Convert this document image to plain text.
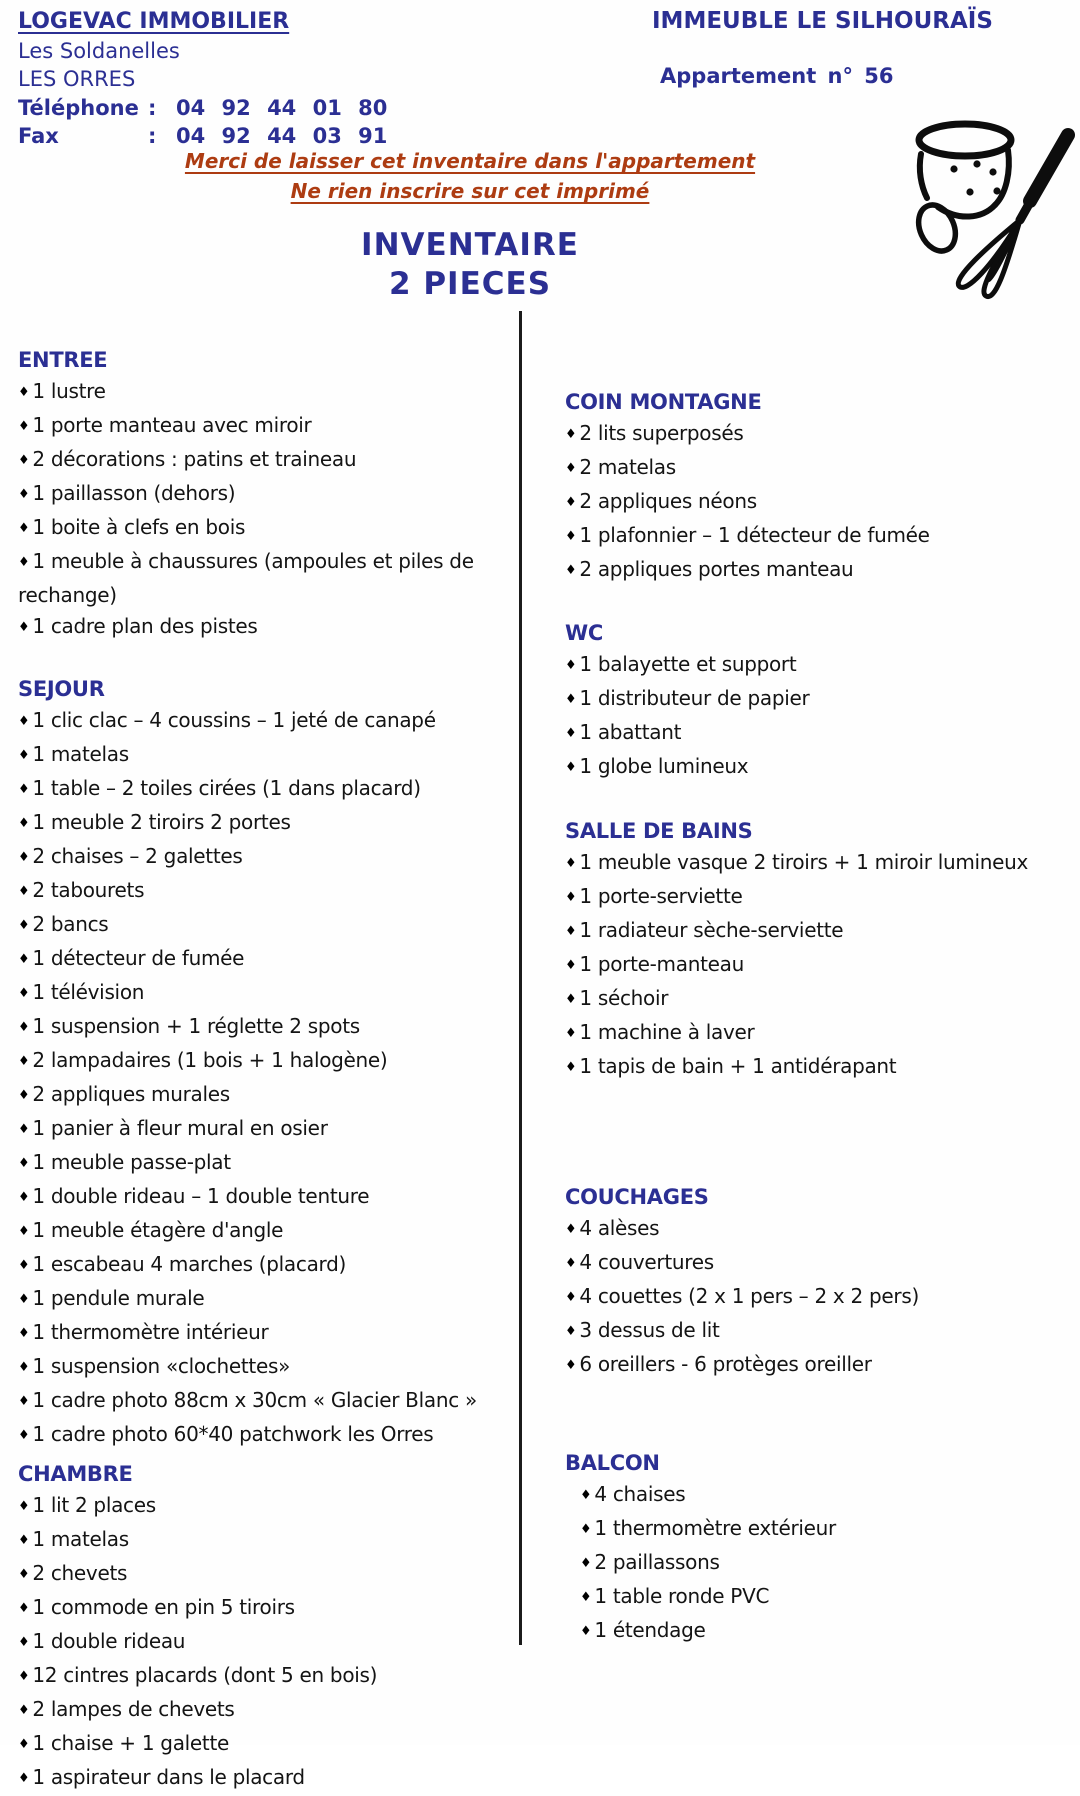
LOGEVAC IMMOBILIER
Les Soldanelles
LES ORRES
Téléphone : 04 92 44 01 80
Fax	: 04 92 44 03 91
IMMEUBLE LE SILHOURAÏS
Appartement n° 56
Merci de laisser cet inventaire dans l'appartement
Ne rien inscrire sur cet imprimé
INVENTAIRE
2 PIECES
ENTREE
♦ 1 lustre
♦ 1 porte manteau avec miroir
♦ 2 décorations : patins et traineau
♦ 1 paillasson (dehors)
♦ 1 boite à clefs en bois
♦ 1 meuble à chaussures (ampoules et piles de rechange)
♦ 1 cadre plan des pistes
SEJOUR
♦ 1 clic clac – 4 coussins – 1 jeté de canapé
♦ 1 matelas
♦ 1 table – 2 toiles cirées (1 dans placard)
♦ 1 meuble 2 tiroirs 2 portes
♦ 2 chaises – 2 galettes
♦ 2 tabourets
♦ 2 bancs
♦ 1 détecteur de fumée
♦ 1 télévision
♦ 1 suspension + 1 réglette 2 spots
♦ 2 lampadaires (1 bois + 1 halogène)
♦ 2 appliques murales
♦ 1 panier à fleur mural en osier
♦ 1 meuble passe-plat
♦ 1 double rideau – 1 double tenture
♦ 1 meuble étagère d'angle
♦ 1 escabeau 4 marches (placard)
♦ 1 pendule murale
♦ 1 thermomètre intérieur
♦ 1 suspension «clochettes»
♦ 1 cadre photo 88cm x 30cm « Glacier Blanc »
♦ 1 cadre photo 60*40 patchwork les Orres
CHAMBRE
♦ 1 lit 2 places
♦ 1 matelas
♦ 2 chevets
♦ 1 commode en pin 5 tiroirs
♦ 1 double rideau
♦ 12 cintres placards (dont 5 en bois)
♦ 2 lampes de chevets
♦ 1 chaise + 1 galette
♦ 1 aspirateur dans le placard
COIN MONTAGNE
♦ 2 lits superposés
♦ 2 matelas
♦ 2 appliques néons
♦ 1 plafonnier – 1 détecteur de fumée
♦ 2 appliques portes manteau
WC
♦ 1 balayette et support
♦ 1 distributeur de papier
♦ 1 abattant
♦ 1 globe lumineux
SALLE DE BAINS
♦ 1 meuble vasque 2 tiroirs + 1 miroir lumineux
♦ 1 porte-serviette
♦ 1 radiateur sèche-serviette
♦ 1 porte-manteau
♦ 1 séchoir
♦ 1 machine à laver
♦ 1 tapis de bain + 1 antidérapant
COUCHAGES
♦ 4 alèses
♦ 4 couvertures
♦ 4 couettes (2 x 1 pers – 2 x 2 pers)
♦ 3 dessus de lit
♦ 6 oreillers - 6 protèges oreiller
BALCON
♦ 4 chaises
♦ 1 thermomètre extérieur
♦ 2 paillassons
♦ 1 table ronde PVC
♦ 1 étendage
